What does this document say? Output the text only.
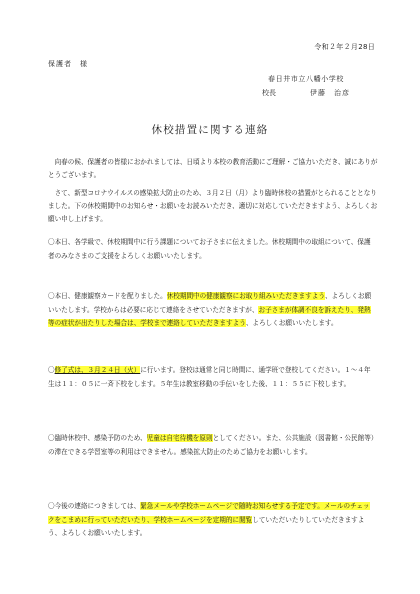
令和２年２月28日
保護者　様
春日井市立八幡小学校
校長	伊藤　治彦
休校措置に関する連絡

向春の候、保護者の皆様におかれましては、日頃より本校の教育活動にご理解・ご協力いただき、誠にありがとうございます。

さて、新型コロナウイルスの感染拡大防止のため、３月２日（月）より臨時休校の措置がとられることとなりました。下の休校期間中のお知らせ・お願いをお読みいただき、適切に対応していただきますよう、よろしくお願い申し上げます。

〇本日、各学級で、休校期間中に行う課題についてお子さまに伝えました。休校期間中の取組について、保護者のみなさまのご支援をよろしくお願いいたします。
〇本日、健康観察カードを配りました。休校期間中の健康観察にお取り組みいただきますよう、よろしくお願いいたします。学校からは必要に応じて連絡をさせていただきますが、お子さまが体調不良を訴えたり、発熱等の症状が出たりした場合は、学校まで連絡していただきますよう、よろしくお願いいたします。
〇修了式は、３月２４日（火）に行います。登校は通常と同じ時間に、通学班で登校してください。１～４年生は１１：０５に一斉下校をします。５年生は教室移動の手伝いをした後、１１：５５に下校します。
〇臨時休校中、感染予防のため、児童は自宅待機を原則としてください。また、公共施設（図書館・公民館等）の滞在できる学習室等の利用はできません。感染拡大防止のためご協力をお願いします。
〇今後の連絡につきましては、緊急メールや学校ホームページで随時お知らせする予定です。メールのチェックをこまめに行っていただいたり、学校ホームページを定期的に閲覧していただいたりしていただきますよう、よろしくお願いいたします。
